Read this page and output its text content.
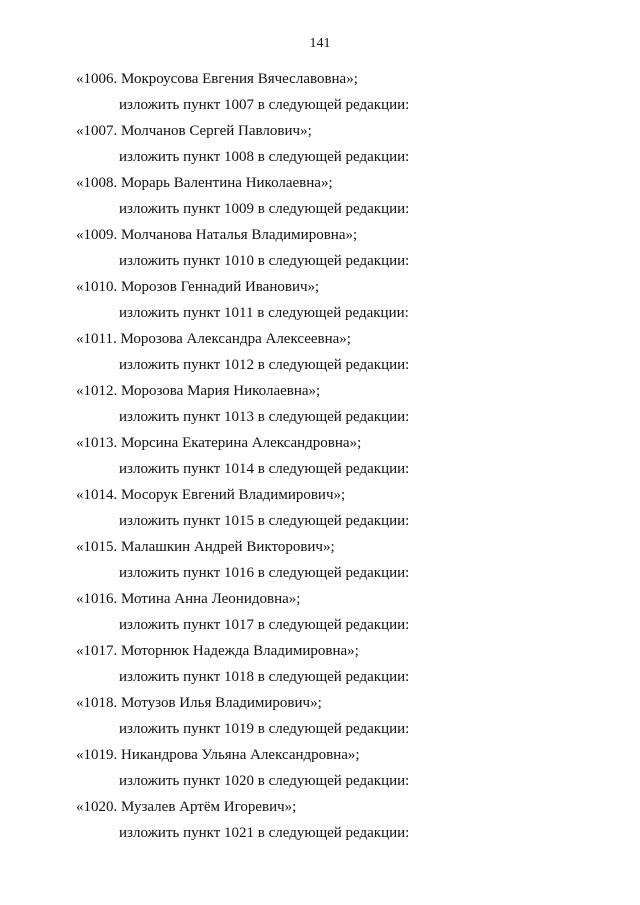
141
«1006. Мокроусова Евгения Вячеславовна»;
изложить пункт 1007 в следующей редакции:
«1007. Молчанов Сергей Павлович»;
изложить пункт 1008 в следующей редакции:
«1008. Морарь Валентина Николаевна»;
изложить пункт 1009 в следующей редакции:
«1009. Молчанова Наталья Владимировна»;
изложить пункт 1010 в следующей редакции:
«1010. Морозов Геннадий Иванович»;
изложить пункт 1011 в следующей редакции:
«1011. Морозова Александра Алексеевна»;
изложить пункт 1012 в следующей редакции:
«1012. Морозова Мария Николаевна»;
изложить пункт 1013 в следующей редакции:
«1013. Морсина Екатерина Александровна»;
изложить пункт 1014 в следующей редакции:
«1014. Мосорук Евгений Владимирович»;
изложить пункт 1015 в следующей редакции:
«1015. Малашкин Андрей Викторович»;
изложить пункт 1016 в следующей редакции:
«1016. Мотина Анна Леонидовна»;
изложить пункт 1017 в следующей редакции:
«1017. Моторнюк Надежда Владимировна»;
изложить пункт 1018 в следующей редакции:
«1018. Мотузов Илья Владимирович»;
изложить пункт 1019 в следующей редакции:
«1019. Никандрова Ульяна Александровна»;
изложить пункт 1020 в следующей редакции:
«1020. Музалев Артём Игоревич»;
изложить пункт 1021 в следующей редакции:
